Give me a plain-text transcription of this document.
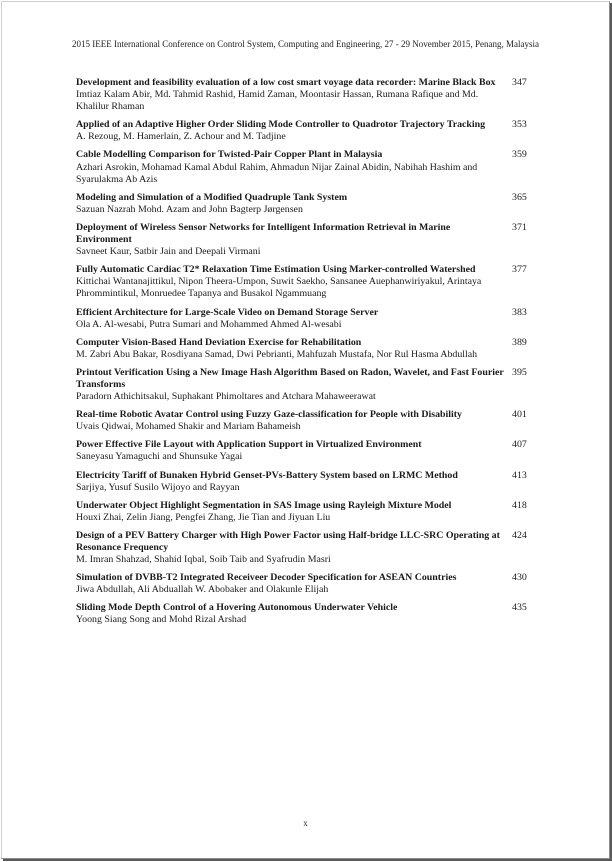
2015 IEEE International Conference on Control System, Computing and Engineering, 27 - 29 November 2015, Penang, Malaysia
Development and feasibility evaluation of a low cost smart voyage data recorder: Marine Black Box
Imtiaz Kalam Abir, Md. Tahmid Rashid, Hamid Zaman, Moontasir Hassan, Rumana Rafique and Md. Khalilur Rhaman
347
Applied of an Adaptive Higher Order Sliding Mode Controller to Quadrotor Trajectory Tracking
A. Rezoug, M. Hamerlain, Z. Achour and M. Tadjine
353
Cable Modelling Comparison for Twisted-Pair Copper Plant in Malaysia
Azhari Asrokin, Mohamad Kamal Abdul Rahim, Ahmadun Nijar Zainal Abidin, Nabihah Hashim and Syarulakma Ab Azis
359
Modeling and Simulation of a Modified Quadruple Tank System
Sazuan Nazrah Mohd. Azam and John Bagterp Jørgensen
365
Deployment of Wireless Sensor Networks for Intelligent Information Retrieval in Marine Environment
Savneet Kaur, Satbir Jain and Deepali Virmani
371
Fully Automatic Cardiac T2* Relaxation Time Estimation Using Marker-controlled Watershed
Kittichai Wantanajittikul, Nipon Theera-Umpon, Suwit Saekho, Sansanee Auephanwiriyakul, Arintaya Phrommintikul, Monruedee Tapanya and Busakol Ngammuang
377
Efficient Architecture for Large-Scale Video on Demand Storage Server
Ola A. Al-wesabi, Putra Sumari and Mohammed Ahmed Al-wesabi
383
Computer Vision-Based Hand Deviation Exercise for Rehabilitation
M. Zabri Abu Bakar, Rosdiyana Samad, Dwi Pebrianti, Mahfuzah Mustafa, Nor Rul Hasma Abdullah
389
Printout Verification Using a New Image Hash Algorithm Based on Radon, Wavelet, and Fast Fourier Transforms
Paradorn Athichitsakul, Suphakant Phimoltares and Atchara Mahaweerawat
395
Real-time Robotic Avatar Control using Fuzzy Gaze-classification for People with Disability
Uvais Qidwai, Mohamed Shakir and Mariam Bahameish
401
Power Effective File Layout with Application Support in Virtualized Environment
Saneyasu Yamaguchi and Shunsuke Yagai
407
Electricity Tariff of Bunaken Hybrid Genset-PVs-Battery System based on LRMC Method
Sarjiya, Yusuf Susilo Wijoyo and Rayyan
413
Underwater Object Highlight Segmentation in SAS Image using Rayleigh Mixture Model
Houxi Zhai, Zelin Jiang, Pengfei Zhang, Jie Tian and Jiyuan Liu
418
Design of a PEV Battery Charger with High Power Factor using Half-bridge LLC-SRC Operating at Resonance Frequency
M. Imran Shahzad, Shahid Iqbal, Soib Taib and Syafrudin Masri
424
Simulation of DVBB-T2 Integrated Receiveer Decoder Specification for ASEAN Countries
Jiwa Abdullah, Ali Abduallah W. Abobaker and Olakunle Elijah
430
Sliding Mode Depth Control of a Hovering Autonomous Underwater Vehicle
Yoong Siang Song and Mohd Rizal Arshad
435
x
